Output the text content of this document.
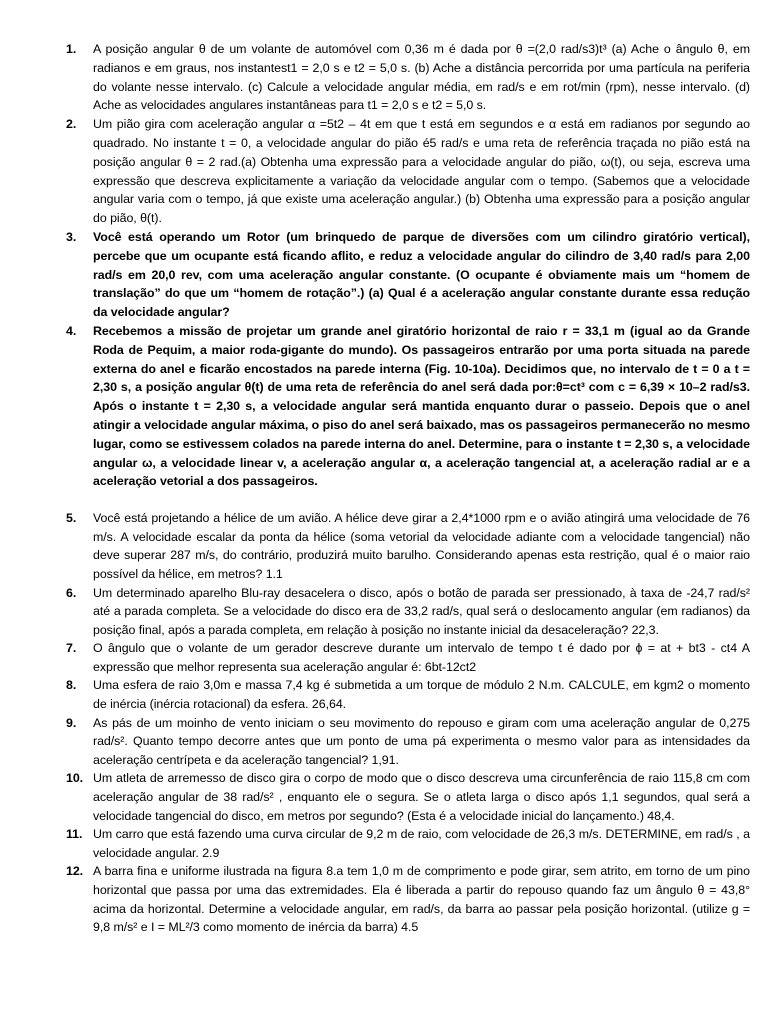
1. A posição angular θ de um volante de automóvel com 0,36 m é dada por θ =(2,0 rad/s3)t³ (a) Ache o ângulo θ, em radianos e em graus, nos instantest1 = 2,0 s e t2 = 5,0 s. (b) Ache a distância percorrida por uma partícula na periferia do volante nesse intervalo. (c) Calcule a velocidade angular média, em rad/s e em rot/min (rpm), nesse intervalo. (d) Ache as velocidades angulares instantâneas para t1 = 2,0 s e t2 = 5,0 s.
2. Um pião gira com aceleração angular α =5t2 – 4t em que t está em segundos e α está em radianos por segundo ao quadrado. No instante t = 0, a velocidade angular do pião é5 rad/s e uma reta de referência traçada no pião está na posição angular θ = 2 rad.(a) Obtenha uma expressão para a velocidade angular do pião, ω(t), ou seja, escreva uma expressão que descreva explicitamente a variação da velocidade angular com o tempo. (Sabemos que a velocidade angular varia com o tempo, já que existe uma aceleração angular.) (b) Obtenha uma expressão para a posição angular do pião, θ(t).
3. Você está operando um Rotor (um brinquedo de parque de diversões com um cilindro giratório vertical), percebe que um ocupante está ficando aflito, e reduz a velocidade angular do cilindro de 3,40 rad/s para 2,00 rad/s em 20,0 rev, com uma aceleração angular constante. (O ocupante é obviamente mais um “homem de translação” do que um “homem de rotação”.) (a) Qual é a aceleração angular constante durante essa redução da velocidade angular?
4. Recebemos a missão de projetar um grande anel giratório horizontal de raio r = 33,1 m (igual ao da Grande Roda de Pequim, a maior roda-gigante do mundo). Os passageiros entrarão por uma porta situada na parede externa do anel e ficarão encostados na parede interna (Fig. 10-10a). Decidimos que, no intervalo de t = 0 a t = 2,30 s, a posição angular θ(t) de uma reta de referência do anel será dada por:θ=ct³ com c = 6,39 × 10–2 rad/s3. Após o instante t = 2,30 s, a velocidade angular será mantida enquanto durar o passeio. Depois que o anel atingir a velocidade angular máxima, o piso do anel será baixado, mas os passageiros permanecerão no mesmo lugar, como se estivessem colados na parede interna do anel. Determine, para o instante t = 2,30 s, a velocidade angular ω, a velocidade linear v, a aceleração angular α, a aceleração tangencial at, a aceleração radial ar e a aceleração vetorial a dos passageiros.
5. Você está projetando a hélice de um avião. A hélice deve girar a 2,4*1000 rpm e o avião atingirá uma velocidade de 76 m/s. A velocidade escalar da ponta da hélice (soma vetorial da velocidade adiante com a velocidade tangencial) não deve superar 287 m/s, do contrário, produzirá muito barulho. Considerando apenas esta restrição, qual é o maior raio possível da hélice, em metros? 1.1
6. Um determinado aparelho Blu-ray desacelera o disco, após o botão de parada ser pressionado, à taxa de -24,7 rad/s² até a parada completa. Se a velocidade do disco era de 33,2 rad/s, qual será o deslocamento angular (em radianos) da posição final, após a parada completa, em relação à posição no instante inicial da desaceleração? 22,3.
7. O ângulo que o volante de um gerador descreve durante um intervalo de tempo t é dado por ϕ = at + bt3 - ct4 A expressão que melhor representa sua aceleração angular é: 6bt-12ct2
8. Uma esfera de raio 3,0m e massa 7,4 kg é submetida a um torque de módulo 2 N.m. CALCULE, em kgm2 o momento de inércia (inércia rotacional) da esfera. 26,64.
9. As pás de um moinho de vento iniciam o seu movimento do repouso e giram com uma aceleração angular de 0,275 rad/s². Quanto tempo decorre antes que um ponto de uma pá experimenta o mesmo valor para as intensidades da aceleração centrípeta e da aceleração tangencial? 1,91.
10. Um atleta de arremesso de disco gira o corpo de modo que o disco descreva uma circunferência de raio 115,8 cm com aceleração angular de 38 rad/s² , enquanto ele o segura. Se o atleta larga o disco após 1,1 segundos, qual será a velocidade tangencial do disco, em metros por segundo? (Esta é a velocidade inicial do lançamento.) 48,4.
11. Um carro que está fazendo uma curva circular de 9,2 m de raio, com velocidade de 26,3 m/s. DETERMINE, em rad/s , a velocidade angular. 2.9
12. A barra fina e uniforme ilustrada na figura 8.a tem 1,0 m de comprimento e pode girar, sem atrito, em torno de um pino horizontal que passa por uma das extremidades. Ela é liberada a partir do repouso quando faz um ângulo θ = 43,8° acima da horizontal. Determine a velocidade angular, em rad/s, da barra ao passar pela posição horizontal. (utilize g = 9,8 m/s² e I = ML²/3 como momento de inércia da barra) 4.5
